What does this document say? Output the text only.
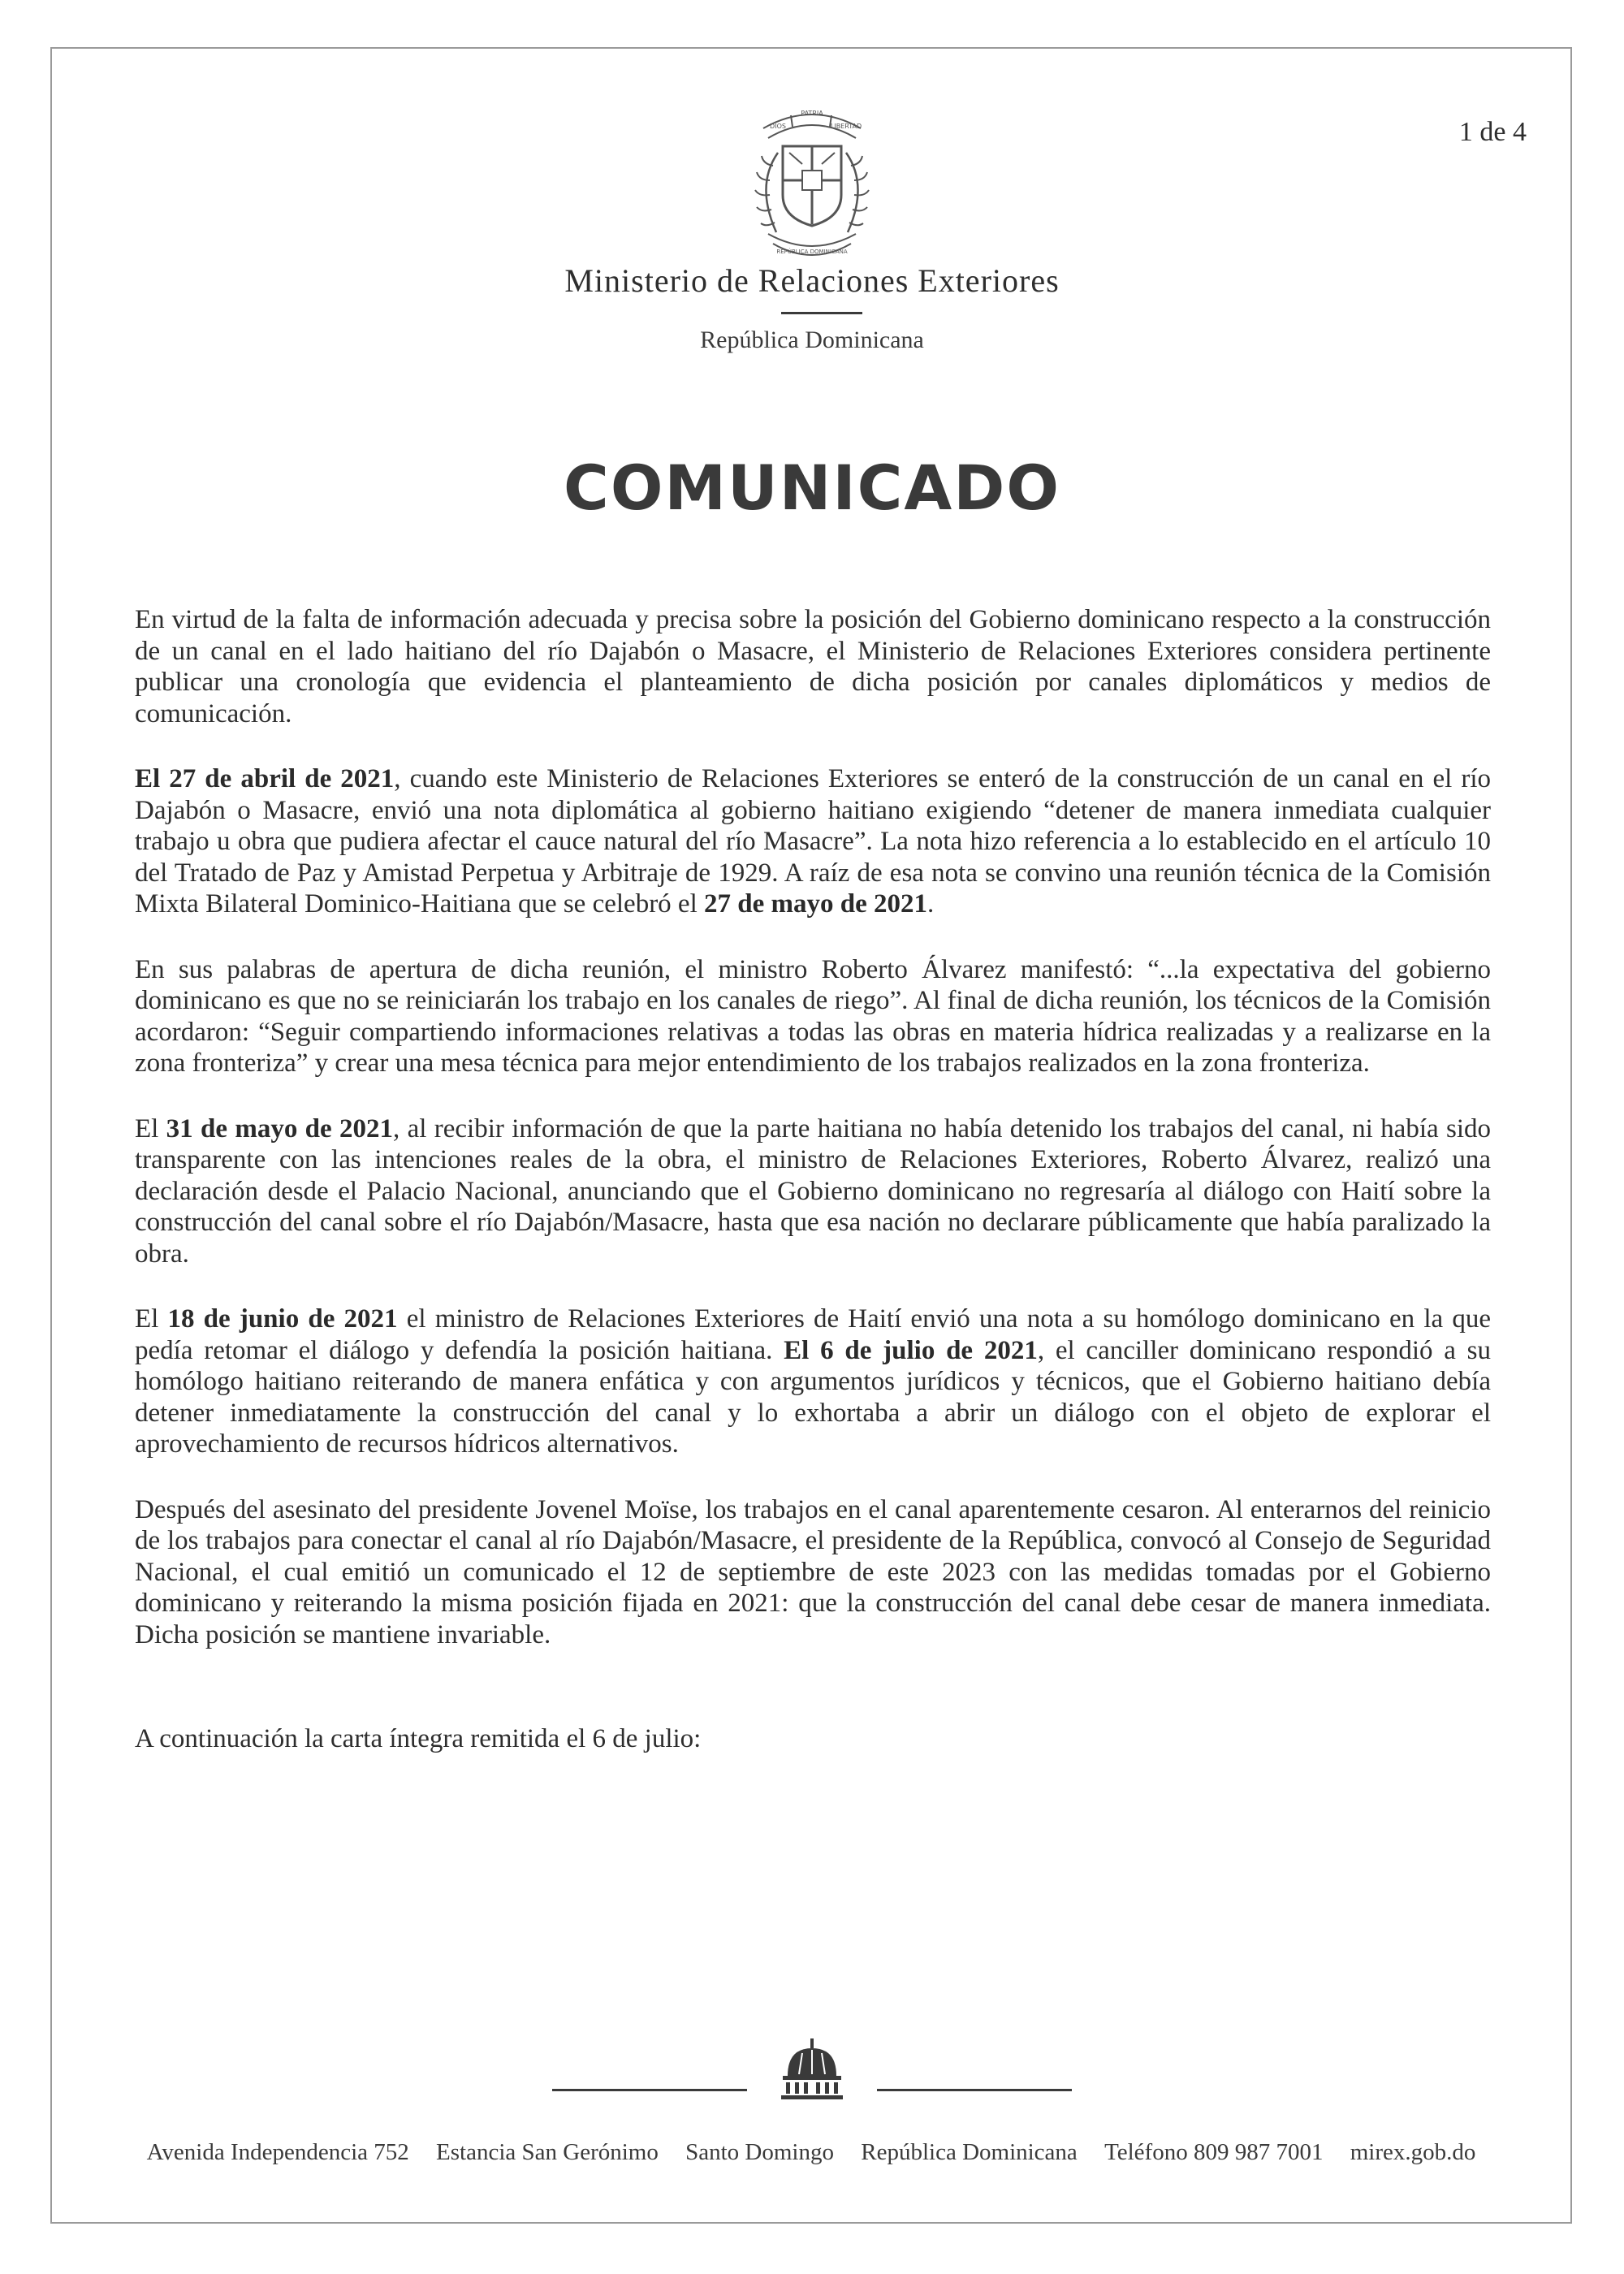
1 de 4
DIOS
PATRIA
LIBERTAD
REPÚBLICA DOMINICANA
Ministerio de Relaciones Exteriores
República Dominicana
COMUNICADO

En virtud de la falta de información adecuada y precisa sobre la posición del Gobierno dominicano respecto a la construcción de un canal en el lado haitiano del río Dajabón o Masacre, el Ministerio de Relaciones Exteriores considera pertinente publicar una cronología que evidencia el planteamiento de dicha posición por canales diplomáticos y medios de comunicación.

El 27 de abril de 2021, cuando este Ministerio de Relaciones Exteriores se enteró de la construcción de un canal en el río Dajabón o Masacre, envió una nota diplomática al gobierno haitiano exigiendo “detener de manera inmediata cualquier trabajo u obra que pudiera afectar el cauce natural del río Masacre”. La nota hizo referencia a lo establecido en el artículo 10 del Tratado de Paz y Amistad Perpetua y Arbitraje de 1929. A raíz de esa nota se convino una reunión técnica de la Comisión Mixta Bilateral Dominico-Haitiana que se celebró el 27 de mayo de 2021.

En sus palabras de apertura de dicha reunión, el ministro Roberto Álvarez manifestó: “...la expectativa del gobierno dominicano es que no se reiniciarán los trabajo en los canales de riego”. Al final de dicha reunión, los técnicos de la Comisión acordaron: “Seguir compartiendo informaciones relativas a todas las obras en materia hídrica realizadas y a realizarse en la zona fronteriza” y crear una mesa técnica para mejor entendimiento de los trabajos realizados en la zona fronteriza.

El 31 de mayo de 2021, al recibir información de que la parte haitiana no había detenido los trabajos del canal, ni había sido transparente con las intenciones reales de la obra, el ministro de Relaciones Exteriores, Roberto Álvarez, realizó una declaración desde el Palacio Nacional, anunciando que el Gobierno dominicano no regresaría al diálogo con Haití sobre la construcción del canal sobre el río Dajabón/Masacre, hasta que esa nación no declarare públicamente que había paralizado la obra.

El 18 de junio de 2021 el ministro de Relaciones Exteriores de Haití envió una nota a su homólogo dominicano en la que pedía retomar el diálogo y defendía la posición haitiana. El 6 de julio de 2021, el canciller dominicano respondió a su homólogo haitiano reiterando de manera enfática y con argumentos jurídicos y técnicos, que el Gobierno haitiano debía detener inmediatamente la construcción del canal y lo exhortaba a abrir un diálogo con el objeto de explorar el aprovechamiento de recursos hídricos alternativos.

Después del asesinato del presidente Jovenel Moïse, los trabajos en el canal aparentemente cesaron. Al enterarnos del reinicio de los trabajos para conectar el canal al río Dajabón/Masacre, el presidente de la República, convocó al Consejo de Seguridad Nacional, el cual emitió un comunicado el 12 de septiembre de este 2023 con las medidas tomadas por el Gobierno dominicano y reiterando la misma posición fijada en 2021: que la construcción del canal debe cesar de manera inmediata. Dicha posición se mantiene invariable.

A continuación la carta íntegra remitida el 6 de julio:

Avenida Independencia 752 Estancia San Gerónimo Santo Domingo República Dominicana Teléfono 809 987 7001 mirex.gob.do
